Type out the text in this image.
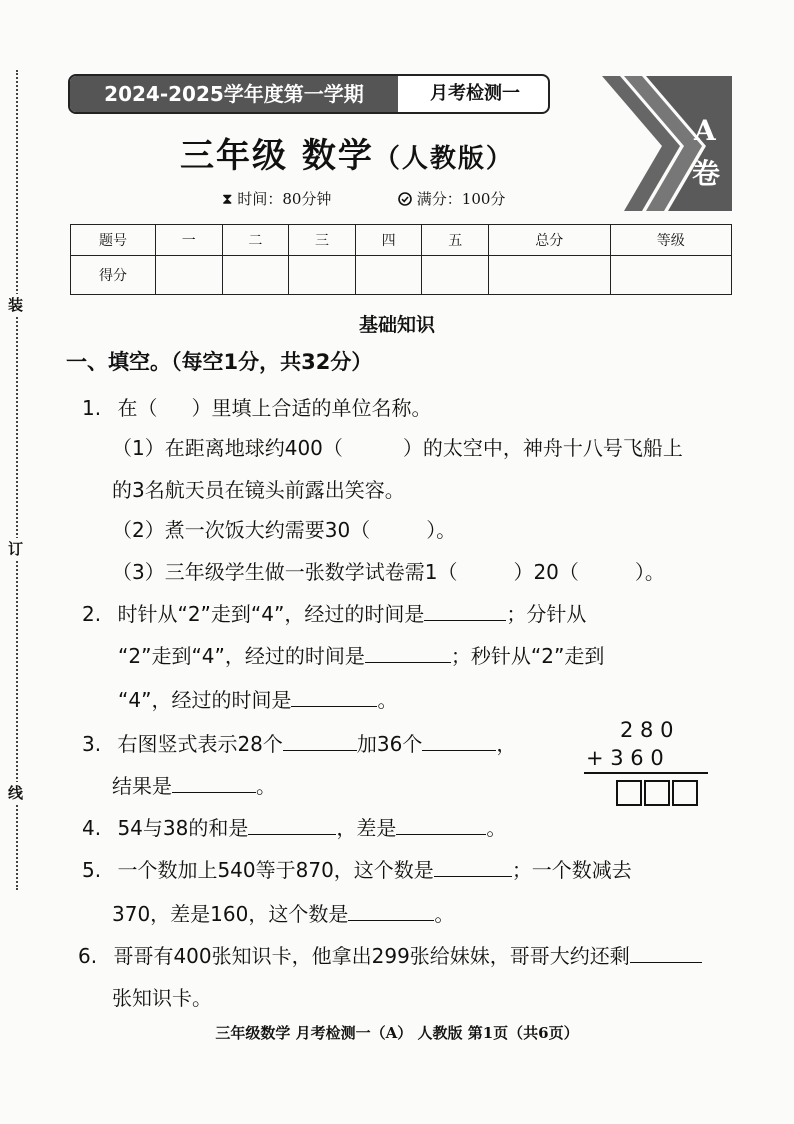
装
订
线
2024-2025学年度第一学期	月考检测一
三年级 数学（人教版）
⧗ 时间：80分钟	满分：100分
A
卷
题号	一	二	三	四	五	总分	等级
得分							
基础知识
一、填空。（每空1分，共32分）
1. 在（ ）里填上合适的单位名称。
（1）在距离地球约400（	）的太空中，神舟十八号飞船上
的3名航天员在镜头前露出笑容。
（2）煮一次饭大约需要30（	）。
（3）三年级学生做一张数学试卷需1（	）20（	）。
2. 时针从“2”走到“4”，经过的时间是	；分针从
“2”走到“4”，经过的时间是	；秒针从“2”走到
“4”，经过的时间是	。
3. 右图竖式表示28个	加36个	，
结果是	。
2 8 0
+ 3 6 0
4. 54与38的和是	，差是	。
5. 一个数加上540等于870，这个数是	；一个数减去
370，差是160，这个数是	。
6. 哥哥有400张知识卡，他拿出299张给妹妹，哥哥大约还剩
张知识卡。
三年级数学 月考检测一（A） 人教版 第1页（共6页）
